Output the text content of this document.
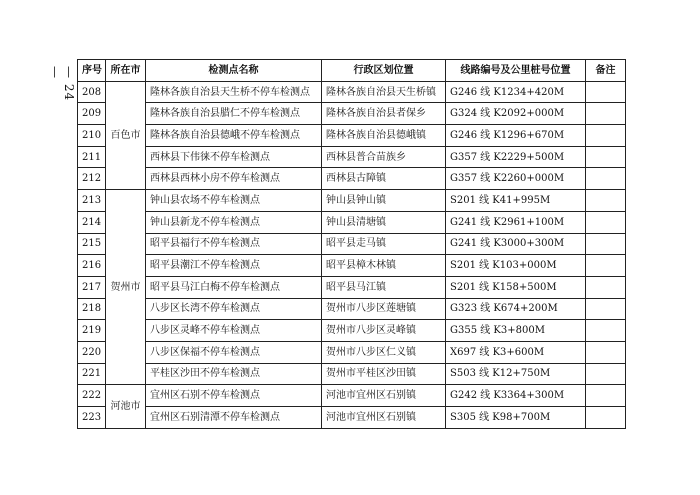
— 24 —	序号	所在市	检测点名称	行政区划位置	线路编号及公里桩号位置	备注
208	百色市	隆林各族自治县天生桥不停车检测点	隆林各族自治县天生桥镇	G246 线 K1234+420M	
209		隆林各族自治县腊仁不停车检测点	隆林各族自治县者保乡	G324 线 K2092+000M	
210		隆林各族自治县德峨不停车检测点	隆林各族自治县德峨镇	G246 线 K1296+670M	
211		西林县下伟徕不停车检测点	西林县普合苗族乡	G357 线 K2229+500M	
212		西林县西林小房不停车检测点	西林县古障镇	G357 线 K2260+000M	
213	贺州市	钟山县农场不停车检测点	钟山县钟山镇	S201 线 K41+995M	
214		钟山县新龙不停车检测点	钟山县清塘镇	G241 线 K2961+100M	
215		昭平县福行不停车检测点	昭平县走马镇	G241 线 K3000+300M	
216		昭平县潮江不停车检测点	昭平县樟木林镇	S201 线 K103+000M	
217		昭平县马江白梅不停车检测点	昭平县马江镇	S201 线 K158+500M	
218		八步区长湾不停车检测点	贺州市八步区莲塘镇	G323 线 K674+200M	
219		八步区灵峰不停车检测点	贺州市八步区灵峰镇	G355 线 K3+800M	
220		八步区保福不停车检测点	贺州市八步区仁义镇	X697 线 K3+600M	
221		平桂区沙田不停车检测点	贺州市平桂区沙田镇	S503 线 K12+750M	
222	河池市	宜州区石别不停车检测点	河池市宜州区石别镇	G242 线 K3364+300M	
223		宜州区石别清潭不停车检测点	河池市宜州区石别镇	S305 线 K98+700M	
